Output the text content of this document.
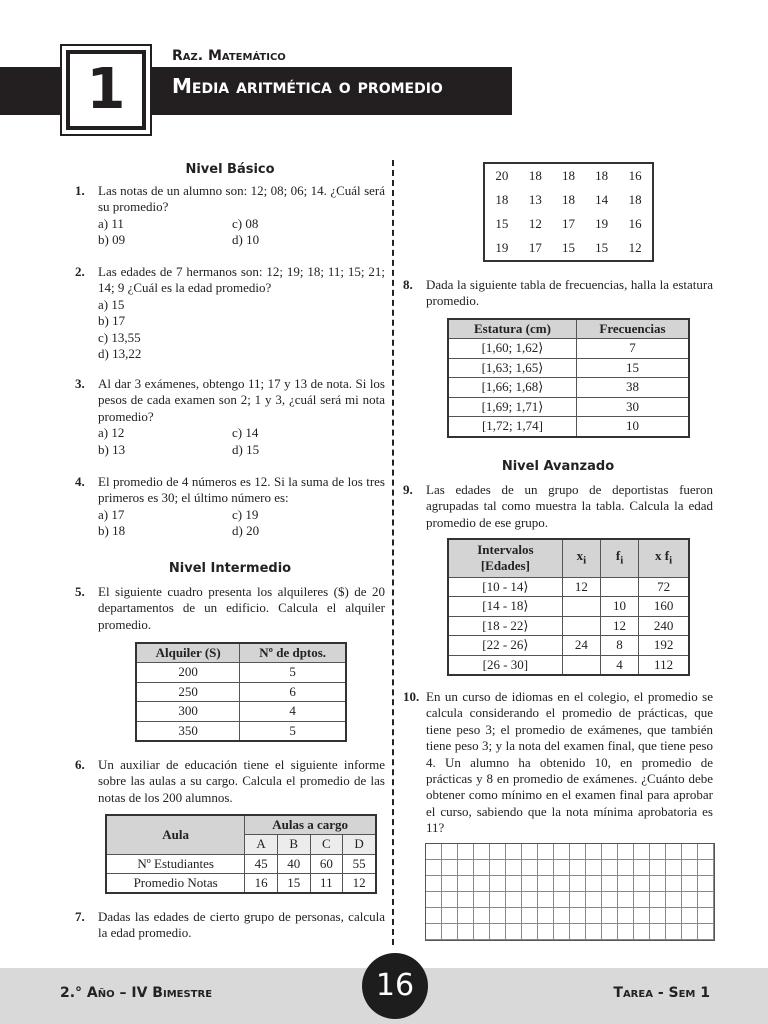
1
Raz. Matemático
Media aritmética o promedio
Nivel Básico
1. Las notas de un alumno son: 12; 08; 06; 14. ¿Cuál será su promedio?
a) 11	c) 08
b) 09	d) 10
2. Las edades de 7 hermanos son: 12; 19; 18; 11; 15; 21; 14; 9 ¿Cuál es la edad promedio?
a) 15
b) 17
c) 13,55
d) 13,22
3. Al dar 3 exámenes, obtengo 11; 17 y 13 de nota. Si los pesos de cada examen son 2; 1 y 3, ¿cuál será mi nota promedio?
a) 12	c) 14
b) 13	d) 15
4. El promedio de 4 números es 12. Si la suma de los tres primeros es 30; el último número es:
a) 17	c) 19
b) 18	d) 20
Nivel Intermedio
5. El siguiente cuadro presenta los alquileres ($) de 20 departamentos de un edificio. Calcula el alquiler promedio.
Alquiler (S)	Nº de dptos.
200	5
250	6
300	4
350	5
6. Un auxiliar de educación tiene el siguiente informe sobre las aulas a su cargo. Calcula el promedio de las notas de los 200 alumnos.
Aula	Aulas a cargo			
	A	B	C	D
Nº Estudiantes	45	40	60	55
Promedio Notas	16	15	11	12
7. Dadas las edades de cierto grupo de personas, calcula la edad promedio.
20	18	18	18	16
18	13	18	14	18
15	12	17	19	16
19	17	15	15	12
8. Dada la siguiente tabla de frecuencias, halla la estatura promedio.
Estatura (cm)	Frecuencias
[1,60; 1,62⟩	7
[1,63; 1,65⟩	15
[1,66; 1,68⟩	38
[1,69; 1,71⟩	30
[1,72; 1,74]	10
Nivel Avanzado
9. Las edades de un grupo de deportistas fueron agrupadas tal como muestra la tabla. Calcula la edad promedio de ese grupo.
Intervalos
[Edades]	$x_i$	$f_i$	x $f_i$
[10 - 14⟩	12		72
[14 - 18⟩		10	160
[18 - 22⟩		12	240
[22 - 26⟩	24	8	192
[26 - 30]		4	112
10. En un curso de idiomas en el colegio, el promedio se calcula considerando el promedio de prácticas, que tiene peso 3; el promedio de exámenes, que también tiene peso 3; y la nota del examen final, que tiene peso 4. Un alumno ha obtenido 10, en promedio de prácticas y 8 en promedio de exámenes. ¿Cuánto debe obtener como mínimo en el examen final para aprobar el curso, sabiendo que la nota mínima aprobatoria es 11?
2.° Año – IV Bimestre	16	Tarea - Sem 1
